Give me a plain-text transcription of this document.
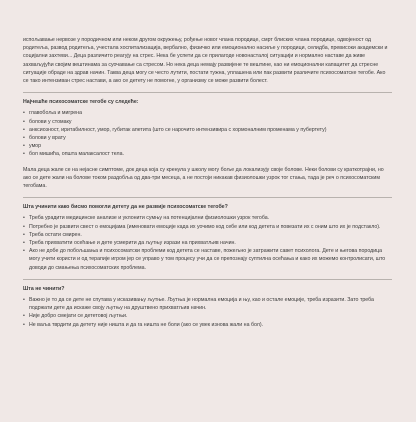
испољавање нервозе у породичном или неком другом окружењу, рођење новог члана породице, смрт блиских члана породице, одвојеност од родитеља, развод родитеља, учестала хоспитализација, вербално, физичко или емоционално насиље у породици, селидба, превисоки академски и социјални захтеви... Деца различито реагују на стрес. Нека бе успети да се прилагоде новонасталој ситуацији и нормално наставе да живе захваљујући својим вештинама за суочавање са стресом. Но нека деца немају развијене те вештине, као ни емоционални капацитет да стресне ситуације обраде на здрав начин. Таква деца могу се често лутити, постати тужна, уплашена или пак развити различите психосоматске тегобе. Ако се тако интензиван стрес настави, а ако се детету не помогне, у организму се може развити болест.

Најчешће психосоматске тегобе су следеће:

• главобоља и мигрена
• болови у стомаку
• анксиозност, иритабилност, умор, губитак апетита (што се нарочито интензивира с хормоналним променама у пубертету)
• болови у врату
• умор
• бол мишића, општа малаксалост тела.

Мала деца жале се на нејасне симптоме, док деца која су кренула у школу могу боље да локализују своје болове. Неки болови су краткотрајни, но ако се дете жали на болове током раздобља од два-три месеца, а не постоји никакав физиолошки узрок тог стања, тада је реч о психосоматским тегобама.

Шта учинити како бисмо помогли детету да не развије психосоматске тегобе?

• Треба урадити медицинске анализе и уклонити сумњу на потенцијални физиолошки узрок тегоба.
• Потребно је развити свест о емоцијама (именовати емоције када их уочимо код себе или код детета и повезати их с оним што их је подстакло).
• Треба остати смирен.
• Треба прихватити осећање и дете усмерити да љутњу изрази на прихватљив начин.
• Ако не добе до побољшања и психосоматски проблеми код детета се наставе, пожељно је затражити савет психолога. Дете и његова породица могу учити користи и од терапије игром јер се управо у том процесу учи да се препознају суптилна осећања и како их можемо контролисати, што доводи до смањења психосоматских проблема.

Шта не чинити?

• Важно је то да се дете не спутава у исказивању љутње. Љутња је нормална емоција и њу, као и остале емоције, треба изразити. Зато треба подржати дете да искаже своју љутњу на друштвено прихватљив начин.
• Није добро смејати се дететовој љутњи.
• Не ваља тврдити да детету није ништа и да га ништа не боли (ако се увек изнова жали на бол).
